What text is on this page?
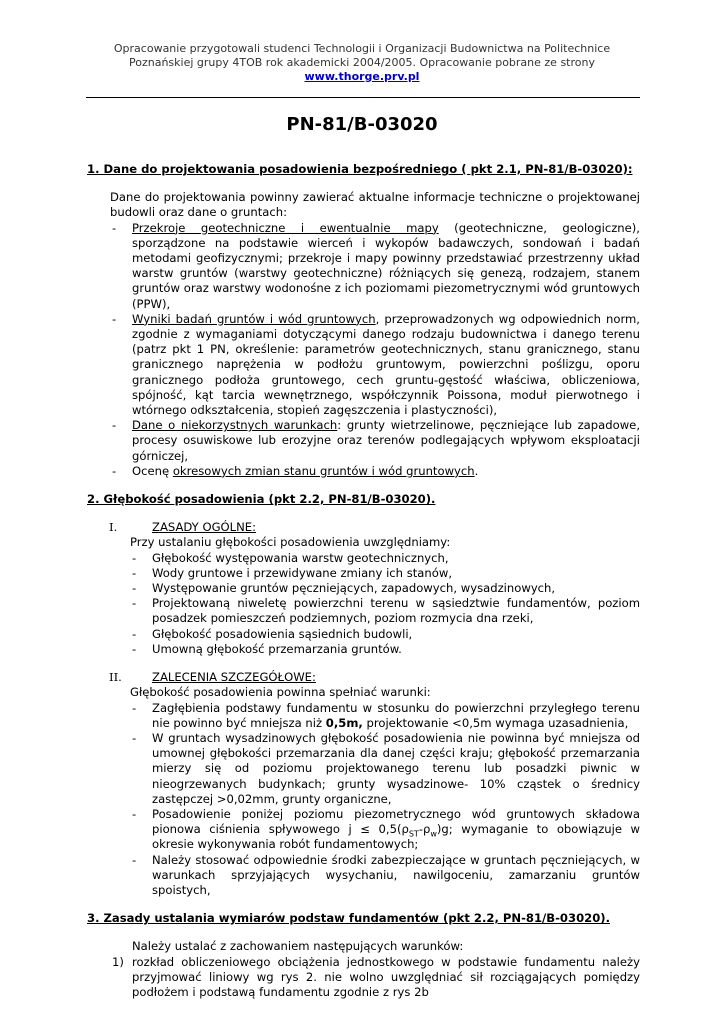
Opracowanie przygotowali studenci Technologii i Organizacji Budownictwa na Politechnice
Poznańskiej grupy 4TOB rok akademicki 2004/2005. Opracowanie pobrane ze strony
www.thorge.prv.pl
PN-81/B-03020

1. Dane do projektowania posadowienia bezpośredniego ( pkt 2.1, PN-81/B-03020):

Dane do projektowania powinny zawierać aktualne informacje techniczne o projektowanej budowli oraz dane o gruntach:

- Przekroje geotechniczne i ewentualnie mapy (geotechniczne, geologiczne), sporządzone na podstawie wierceń i wykopów badawczych, sondowań i badań metodami geofizycznymi; przekroje i mapy powinny przedstawiać przestrzenny układ warstw gruntów (warstwy geotechniczne) różniących się genezą, rodzajem, stanem gruntów oraz warstwy wodonośne z ich poziomami piezometrycznymi wód gruntowych (PPW),
- Wyniki badań gruntów i wód gruntowych, przeprowadzonych wg odpowiednich norm, zgodnie z wymaganiami dotyczącymi danego rodzaju budownictwa i danego terenu (patrz pkt 1 PN, określenie: parametrów geotechnicznych, stanu granicznego, stanu granicznego naprężenia w podłożu gruntowym, powierzchni poślizgu, oporu granicznego podłoża gruntowego, cech gruntu-gęstość właściwa, obliczeniowa, spójność, kąt tarcia wewnętrznego, współczynnik Poissona, moduł pierwotnego i wtórnego odkształcenia, stopień zagęszczenia i plastyczności),
- Dane o niekorzystnych warunkach: grunty wietrzelinowe, pęczniejące lub zapadowe, procesy osuwiskowe lub erozyjne oraz terenów podlegających wpływom eksploatacji górniczej,
- Ocenę okresowych zmian stanu gruntów i wód gruntowych.

2. Głębokość posadowienia (pkt 2.2, PN-81/B-03020).

I.	ZASADY OGÓLNE:
Przy ustalaniu głębokości posadowienia uwzględniamy:
- Głębokość występowania warstw geotechnicznych,
- Wody gruntowe i przewidywane zmiany ich stanów,
- Występowanie gruntów pęczniejących, zapadowych, wysadzinowych,
- Projektowaną niweletę powierzchni terenu w sąsiedztwie fundamentów, poziom posadzek pomieszczeń podziemnych, poziom rozmycia dna rzeki,
- Głębokość posadowienia sąsiednich budowli,
- Umowną głębokość przemarzania gruntów.
II.	ZALECENIA SZCZEGÓŁOWE:
Głębokość posadowienia powinna spełniać warunki:
- Zagłębienia podstawy fundamentu w stosunku do powierzchni przyległego terenu nie powinno być mniejsza niż 0,5m, projektowanie <0,5m wymaga uzasadnienia,
- W gruntach wysadzinowych głębokość posadowienia nie powinna być mniejsza od umownej głębokości przemarzania dla danej części kraju; głębokość przemarzania mierzy się od poziomu projektowanego terenu lub posadzki piwnic w nieogrzewanych budynkach; grunty wysadzinowe- 10% cząstek o średnicy zastępczej >0,02mm, grunty organiczne,
- Posadowienie poniżej poziomu piezometrycznego wód gruntowych składowa pionowa ciśnienia spływowego $j \le 0,5(\rho_{ST}-\rho_w)g$; wymaganie to obowiązuje w okresie wykonywania robót fundamentowych;
- Należy stosować odpowiednie środki zabezpieczające w gruntach pęczniejących, w warunkach sprzyjających wysychaniu, nawilgoceniu, zamarzaniu gruntów spoistych,

3. Zasady ustalania wymiarów podstaw fundamentów (pkt 2.2, PN-81/B-03020).

Należy ustalać z zachowaniem następujących warunków:

1) rozkład obliczeniowego obciążenia jednostkowego w podstawie fundamentu należy przyjmować liniowy wg rys 2. nie wolno uwzględniać sił rozciągających pomiędzy podłożem i podstawą fundamentu zgodnie z rys 2b
